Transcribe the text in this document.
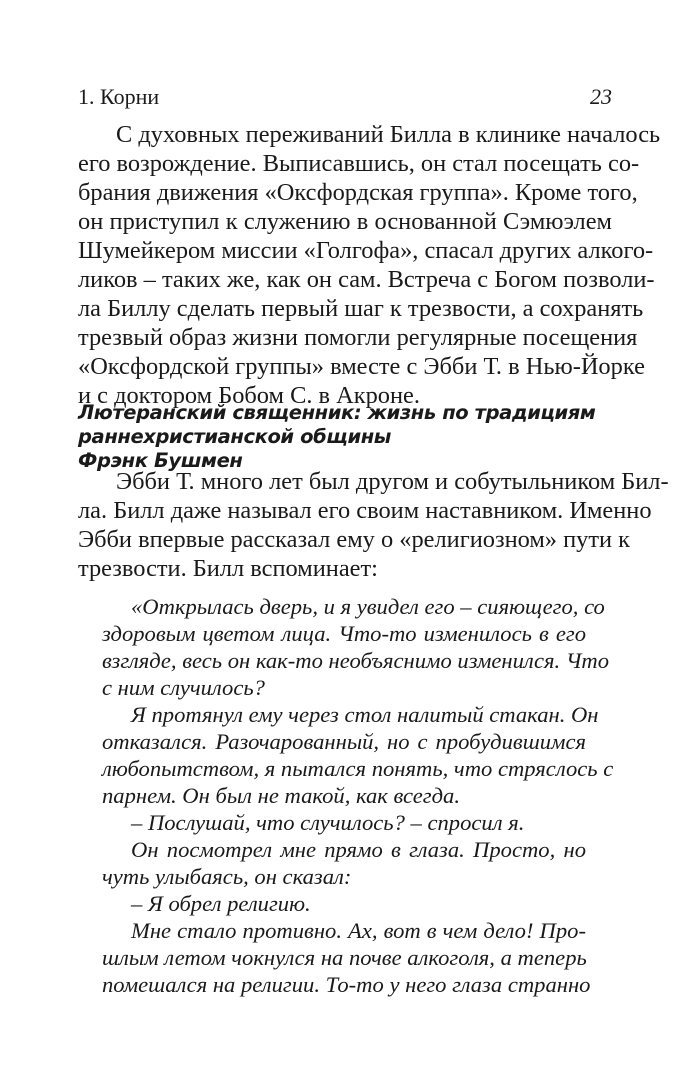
1. Корни	23
С духовных переживаний Билла в клинике началось
его возрождение. Выписавшись, он стал посещать со-
брания движения «Оксфордская группа». Кроме того,
он приступил к служению в основанной Сэмюэлем
Шумейкером миссии «Голгофа», спасал других алкого-
ликов – таких же, как он сам. Встреча с Богом позволи-
ла Биллу сделать первый шаг к трезвости, а сохранять
трезвый образ жизни помогли регулярные посещения
«Оксфордской группы» вместе с Эбби Т. в Нью-Йорке
и с доктором Бобом С. в Акроне.
Лютеранский священник: жизнь по традициям
раннехристианской общины
Фрэнк Бушмен
Эбби Т. много лет был другом и собутыльником Бил-
ла. Билл даже называл его своим наставником. Именно
Эбби впервые рассказал ему о «религиозном» пути к
трезвости. Билл вспоминает:
«Открылась дверь, и я увидел его – сияющего, со
здоровым цветом лица. Что-то изменилось в его
взгляде, весь он как-то необъяснимо изменился. Что
с ним случилось?
Я протянул ему через стол налитый стакан. Он
отказался. Разочарованный, но с пробудившимся
любопытством, я пытался понять, что стряслось с
парнем. Он был не такой, как всегда.
– Послушай, что случилось? – спросил я.
Он посмотрел мне прямо в глаза. Просто, но
чуть улыбаясь, он сказал:
– Я обрел религию.
Мне стало противно. Ах, вот в чем дело! Про-
шлым летом чокнулся на почве алкоголя, а теперь
помешался на религии. То-то у него глаза странно
